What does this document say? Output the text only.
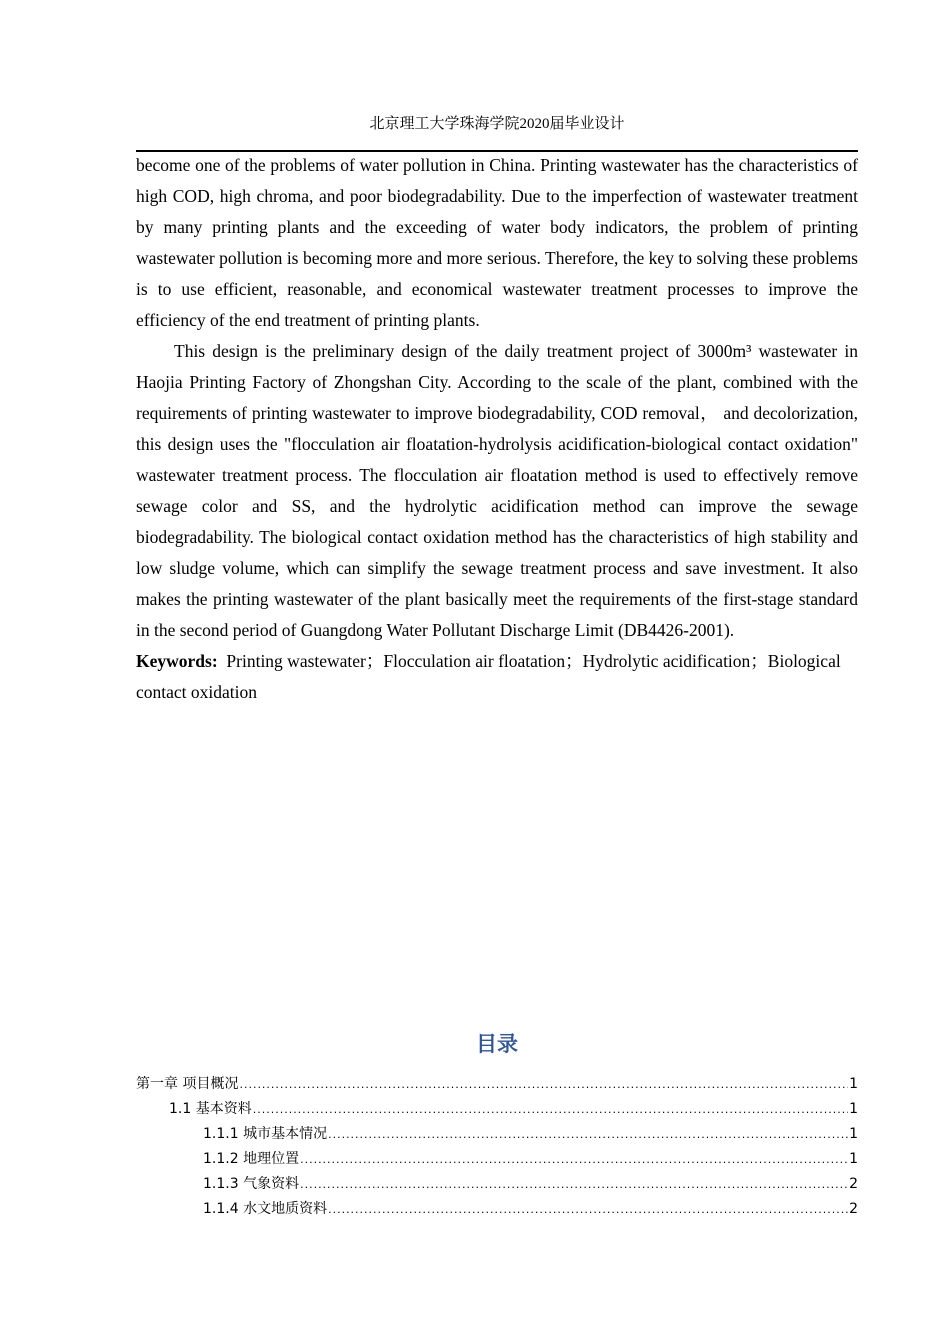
北京理工大学珠海学院2020届毕业设计

become one of the problems of water pollution in China. Printing wastewater has the characteristics of high COD, high chroma, and poor biodegradability. Due to the imperfection of wastewater treatment by many printing plants and the exceeding of water body indicators, the problem of printing wastewater pollution is becoming more and more serious. Therefore, the key to solving these problems is to use efficient, reasonable, and economical wastewater treatment processes to improve the efficiency of the end treatment of printing plants.

This design is the preliminary design of the daily treatment project of 3000m³ wastewater in Haojia Printing Factory of Zhongshan City. According to the scale of the plant, combined with the requirements of printing wastewater to improve biodegradability, COD removal， and decolorization, this design uses the "flocculation air floatation-hydrolysis acidification-biological contact oxidation" wastewater treatment process. The flocculation air floatation method is used to effectively remove sewage color and SS, and the hydrolytic acidification method can improve the sewage biodegradability. The biological contact oxidation method has the characteristics of high stability and low sludge volume, which can simplify the sewage treatment process and save investment. It also makes the printing wastewater of the plant basically meet the requirements of the first-stage standard in the second period of Guangdong Water Pollutant Discharge Limit (DB4426-2001).

Keywords: Printing wastewater；Flocculation air floatation；Hydrolytic acidification；Biological contact oxidation

目录
第一章 项目概况 .....	1
1.1 基本资料 .....	1
1.1.1 城市基本情况 .....	1
1.1.2 地理位置 .....	1
1.1.3 气象资料 .....	2
1.1.4 水文地质资料 .....	2
